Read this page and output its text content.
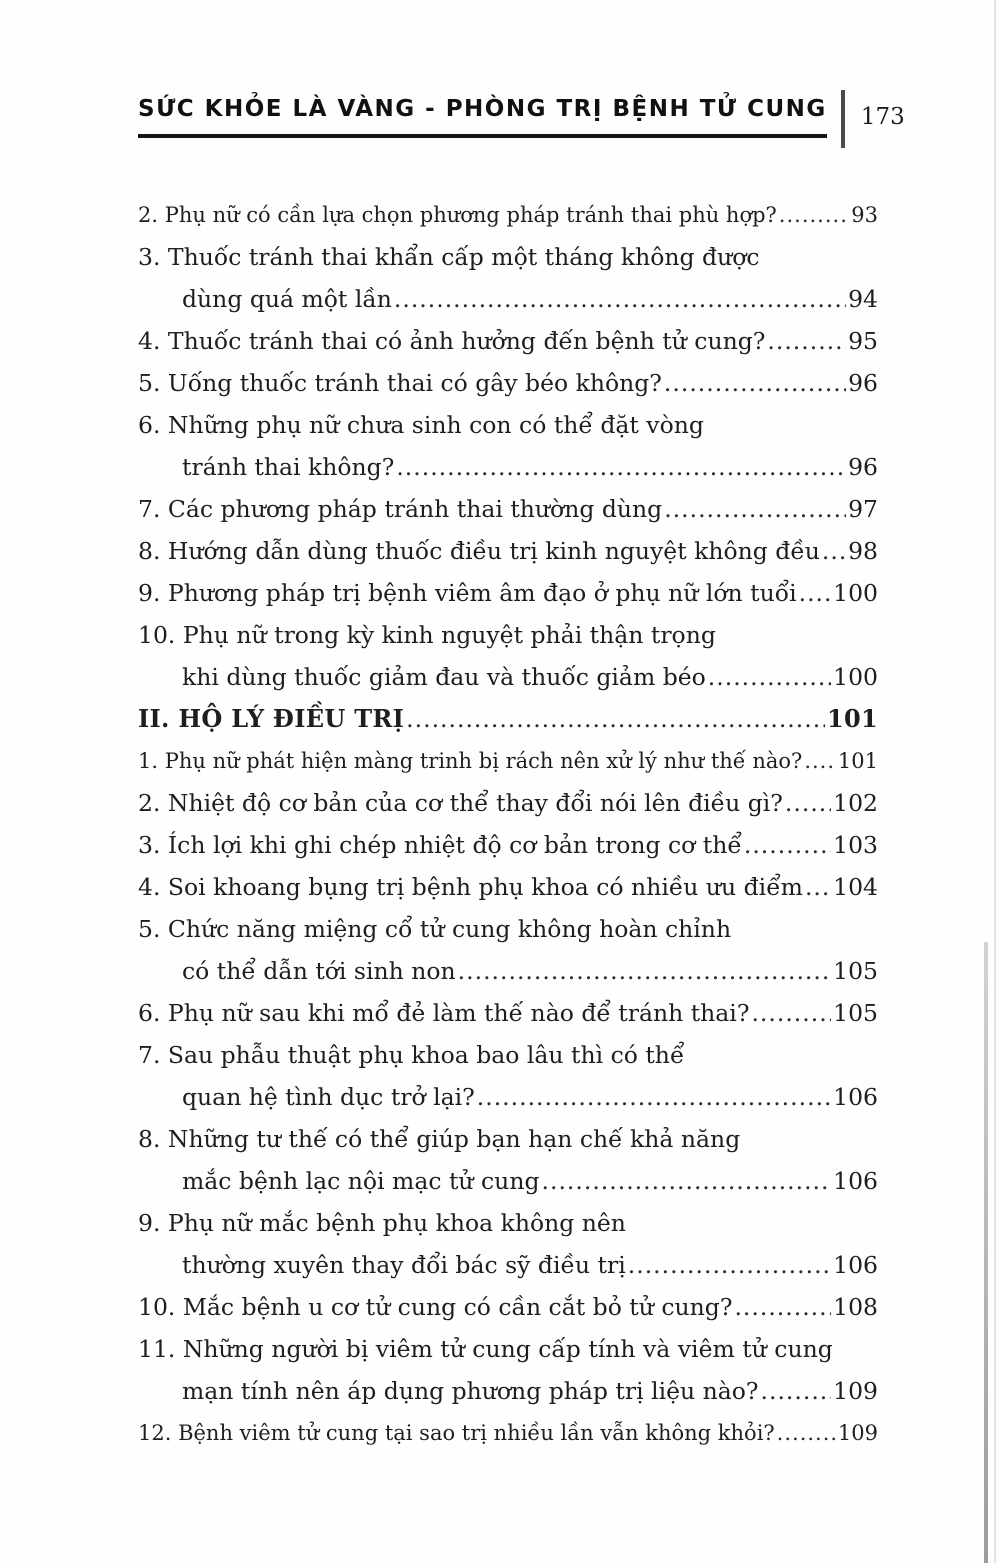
SỨC KHỎE LÀ VÀNG - PHÒNG TRỊ BỆNH TỬ CUNG 173
2. Phụ nữ có cần lựa chọn phương pháp tránh thai phù hợp? .....	93
3. Thuốc tránh thai khẩn cấp một tháng không được
dùng quá một lần .....	94
4. Thuốc tránh thai có ảnh hưởng đến bệnh tử cung? .....	95
5. Uống thuốc tránh thai có gây béo không? .....	96
6. Những phụ nữ chưa sinh con có thể đặt vòng
tránh thai không? .....	96
7. Các phương pháp tránh thai thường dùng .....	97
8. Hướng dẫn dùng thuốc điều trị kinh nguyệt không đều ..... 98
9. Phương pháp trị bệnh viêm âm đạo ở phụ nữ lớn tuổi ..... 100
10. Phụ nữ trong kỳ kinh nguyệt phải thận trọng
khi dùng thuốc giảm đau và thuốc giảm béo .....	100
II. HỘ LÝ ĐIỀU TRỊ .....	101
1. Phụ nữ phát hiện màng trinh bị rách nên xử lý như thế nào? ..... 101
2. Nhiệt độ cơ bản của cơ thể thay đổi nói lên điều gì? ..... 102
3. Ích lợi khi ghi chép nhiệt độ cơ bản trong cơ thể .....	103
4. Soi khoang bụng trị bệnh phụ khoa có nhiều ưu điểm ..... 104
5. Chức năng miệng cổ tử cung không hoàn chỉnh
có thể dẫn tới sinh non .....	105
6. Phụ nữ sau khi mổ đẻ làm thế nào để tránh thai? .....	105
7. Sau phẫu thuật phụ khoa bao lâu thì có thể
quan hệ tình dục trở lại? .....	106
8. Những tư thế có thể giúp bạn hạn chế khả năng
mắc bệnh lạc nội mạc tử cung .....	106
9. Phụ nữ mắc bệnh phụ khoa không nên
thường xuyên thay đổi bác sỹ điều trị .....	106
10. Mắc bệnh u cơ tử cung có cần cắt bỏ tử cung? .....	108
11. Những người bị viêm tử cung cấp tính và viêm tử cung
mạn tính nên áp dụng phương pháp trị liệu nào? .....	109
12. Bệnh viêm tử cung tại sao trị nhiều lần vẫn không khỏi? .....	109
